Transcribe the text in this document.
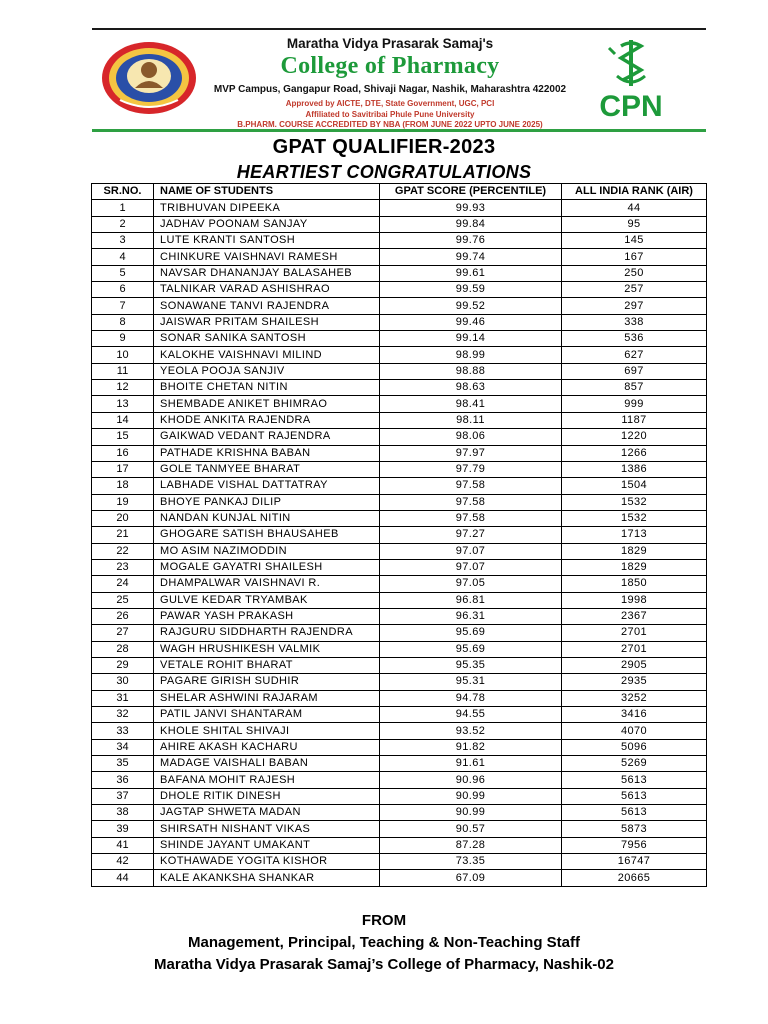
Maratha Vidya Prasarak Samaj's
College of Pharmacy
MVP Campus, Gangapur Road, Shivaji Nagar, Nashik, Maharashtra 422002
Approved by AICTE, DTE, State Government, UGC, PCI
Affiliated to Savitribai Phule Pune University
B.PHARM. COURSE ACCREDITED BY NBA (FROM JUNE 2022 UPTO JUNE 2025)
CPN
GPAT QUALIFIER-2023
HEARTIEST CONGRATULATIONS
SR.NO.	NAME OF STUDENTS	GPAT SCORE (PERCENTILE)	ALL INDIA RANK (AIR)
1	TRIBHUVAN DIPEEKA	99.93	44
2	JADHAV POONAM SANJAY	99.84	95
3	LUTE KRANTI SANTOSH	99.76	145
4	CHINKURE VAISHNAVI RAMESH	99.74	167
5	NAVSAR DHANANJAY BALASAHEB	99.61	250
6	TALNIKAR VARAD ASHISHRAO	99.59	257
7	SONAWANE TANVI RAJENDRA	99.52	297
8	JAISWAR PRITAM SHAILESH	99.46	338
9	SONAR SANIKA SANTOSH	99.14	536
10	KALOKHE VAISHNAVI MILIND	98.99	627
11	YEOLA POOJA SANJIV	98.88	697
12	BHOITE CHETAN NITIN	98.63	857
13	SHEMBADE ANIKET BHIMRAO	98.41	999
14	KHODE ANKITA RAJENDRA	98.11	1187
15	GAIKWAD VEDANT RAJENDRA	98.06	1220
16	PATHADE KRISHNA BABAN	97.97	1266
17	GOLE TANMYEE BHARAT	97.79	1386
18	LABHADE VISHAL DATTATRAY	97.58	1504
19	BHOYE PANKAJ DILIP	97.58	1532
20	NANDAN KUNJAL NITIN	97.58	1532
21	GHOGARE SATISH BHAUSAHEB	97.27	1713
22	MO ASIM NAZIMODDIN	97.07	1829
23	MOGALE GAYATRI SHAILESH	97.07	1829
24	DHAMPALWAR VAISHNAVI R.	97.05	1850
25	GULVE KEDAR TRYAMBAK	96.81	1998
26	PAWAR YASH PRAKASH	96.31	2367
27	RAJGURU SIDDHARTH RAJENDRA	95.69	2701
28	WAGH HRUSHIKESH VALMIK	95.69	2701
29	VETALE ROHIT BHARAT	95.35	2905
30	PAGARE GIRISH SUDHIR	95.31	2935
31	SHELAR ASHWINI RAJARAM	94.78	3252
32	PATIL JANVI SHANTARAM	94.55	3416
33	KHOLE SHITAL SHIVAJI	93.52	4070
34	AHIRE AKASH KACHARU	91.82	5096
35	MADAGE VAISHALI BABAN	91.61	5269
36	BAFANA MOHIT RAJESH	90.96	5613
37	DHOLE RITIK DINESH	90.99	5613
38	JAGTAP SHWETA MADAN	90.99	5613
39	SHIRSATH NISHANT VIKAS	90.57	5873
41	SHINDE JAYANT UMAKANT	87.28	7956
42	KOTHAWADE YOGITA KISHOR	73.35	16747
44	KALE AKANKSHA SHANKAR	67.09	20665
FROM
Management, Principal, Teaching & Non-Teaching Staff
Maratha Vidya Prasarak Samaj’s College of Pharmacy, Nashik-02
